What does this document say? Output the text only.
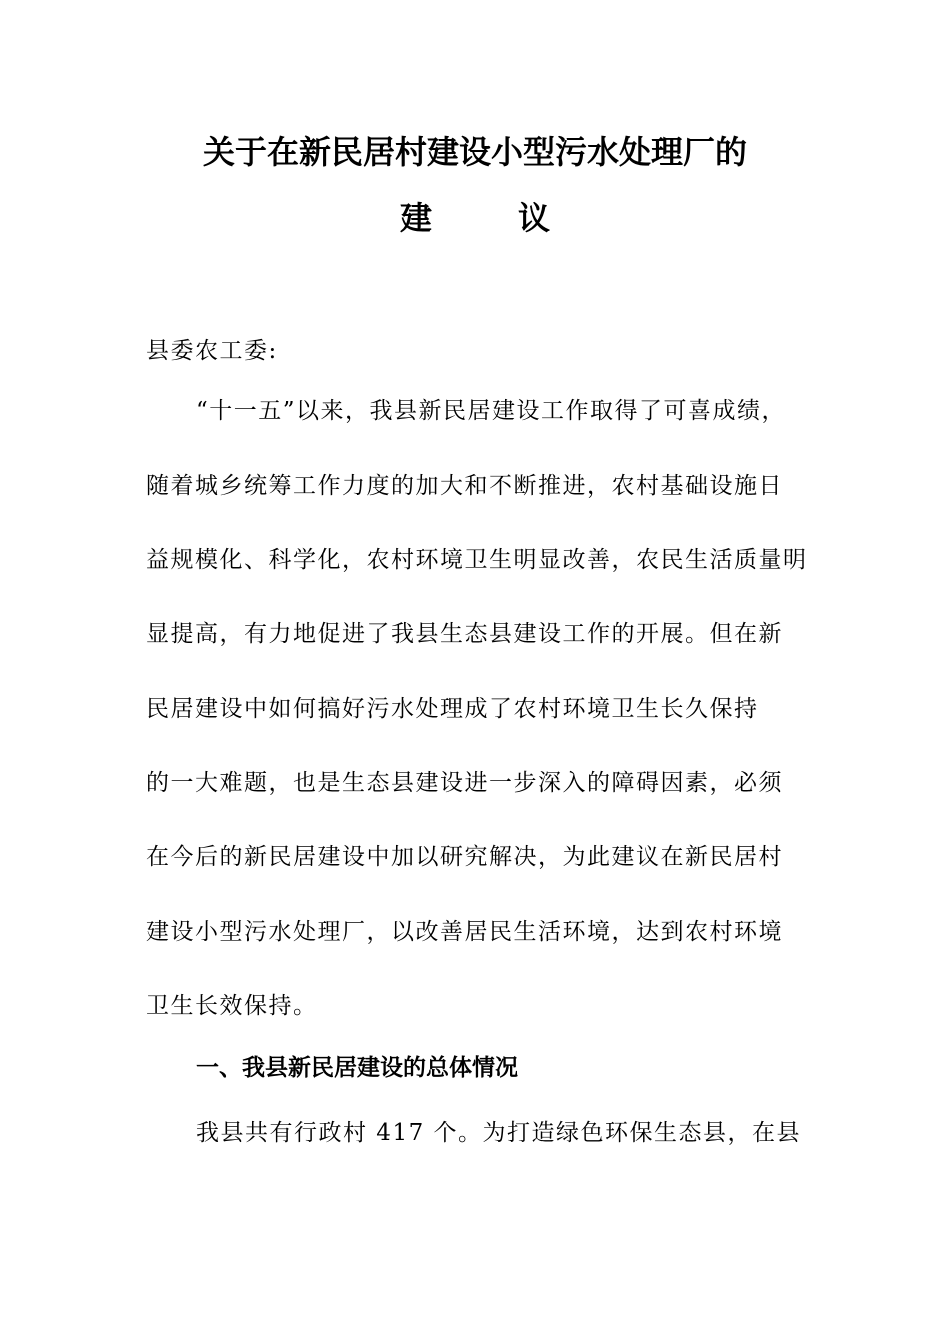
关于在新民居村建设小型污水处理厂的
建	议
县委农工委:
“十一五”以来，我县新民居建设工作取得了可喜成绩，
随着城乡统筹工作力度的加大和不断推进，农村基础设施日
益规模化、科学化，农村环境卫生明显改善，农民生活质量明
显提高，有力地促进了我县生态县建设工作的开展。但在新
民居建设中如何搞好污水处理成了农村环境卫生长久保持
的一大难题，也是生态县建设进一步深入的障碍因素，必须
在今后的新民居建设中加以研究解决，为此建议在新民居村
建设小型污水处理厂，以改善居民生活环境，达到农村环境
卫生长效保持。
一、我县新民居建设的总体情况
我县共有行政村 417 个。为打造绿色环保生态县，在县
